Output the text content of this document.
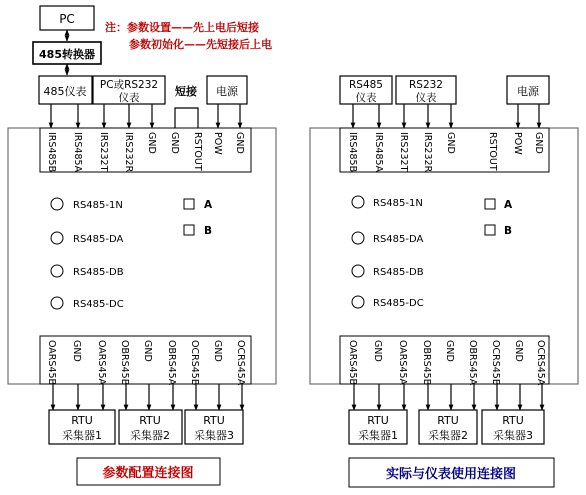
PC
485转换器
注：参数设置——先上电后短接
参数初始化——先短接后上电
485仪表 PC或RS232
仪表	短接 电源
IRS485B IRS485A IRS232T IRS232R GND GND RSTOUT POW GND
RS485-1N
RS485-DA
RS485-DB
RS485-DC
A
B
OARS45B GND OARS45A OBRS45B GND OBRS45A OCRS45B GND OCRS45A
RTU
采集器1
RTU
采集器2
RTU
采集器3
参数配置连接图
RS485
仪表
RS232
仪表	电源
IRS485B IRS485A IRS232T IRS232R GND	RSTOUT POW GND
RS485-1N
RS485-DA
RS485-DB
RS485-DC
A
B
OARS45B GND OARS45A OBRS45B GND OBRS45A OCRS45B GND OCRS45A
RTU
采集器1
RTU
采集器2
RTU
采集器3
实际与仪表使用连接图
